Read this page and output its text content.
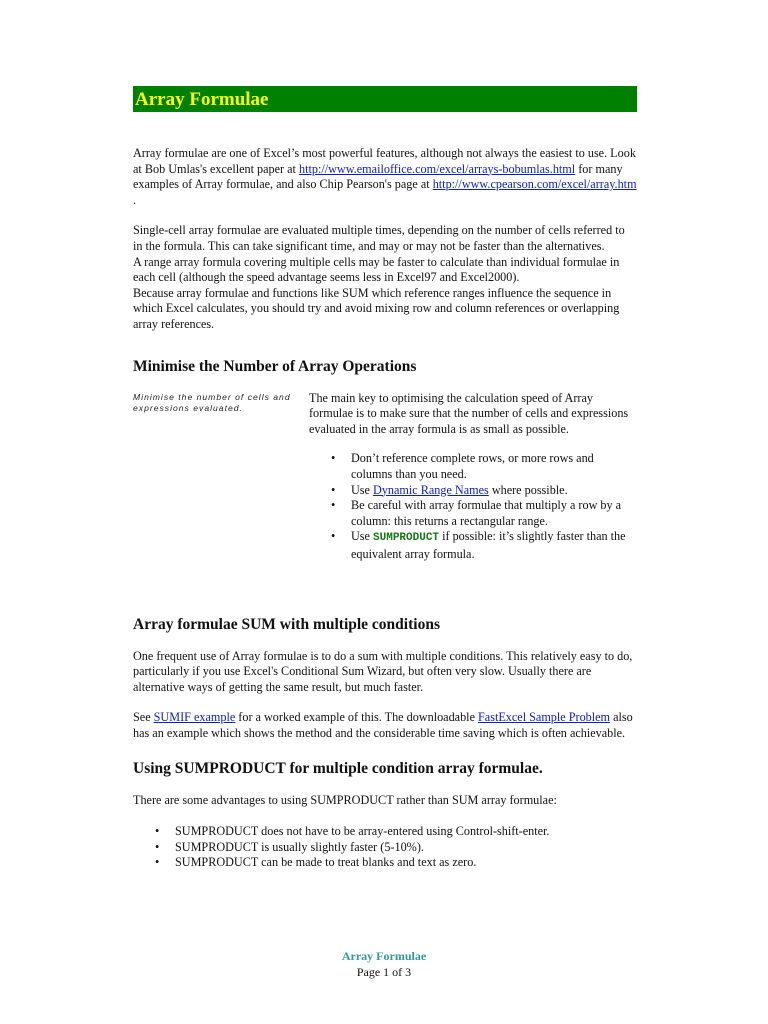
Array Formulae

Array formulae are one of Excel’s most powerful features, although not always the easiest to use. Look at Bob Umlas's excellent paper at http://www.emailoffice.com/excel/arrays-bobumlas.html for many examples of Array formulae, and also Chip Pearson's page at http://www.cpearson.com/excel/array.htm .

Single-cell array formulae are evaluated multiple times, depending on the number of cells referred to in the formula. This can take significant time, and may or may not be faster than the alternatives.

A range array formula covering multiple cells may be faster to calculate than individual formulae in each cell (although the speed advantage seems less in Excel97 and Excel2000).

Because array formulae and functions like SUM which reference ranges influence the sequence in which Excel calculates, you should try and avoid mixing row and column references or overlapping array references.

Minimise the Number of Array Operations
Minimise the number of cells and expressions evaluated.

The main key to optimising the calculation speed of Array formulae is to make sure that the number of cells and expressions evaluated in the array formula is as small as possible.

• Don’t reference complete rows, or more rows and columns than you need.
• Use Dynamic Range Names where possible.
• Be careful with array formulae that multiply a row by a column: this returns a rectangular range.
• Use SUMPRODUCT if possible: it’s slightly faster than the equivalent array formula.
Array formulae SUM with multiple conditions

One frequent use of Array formulae is to do a sum with multiple conditions. This relatively easy to do, particularly if you use Excel's Conditional Sum Wizard, but often very slow. Usually there are alternative ways of getting the same result, but much faster.

See SUMIF example for a worked example of this. The downloadable FastExcel Sample Problem also has an example which shows the method and the considerable time saving which is often achievable.

Using SUMPRODUCT for multiple condition array formulae.

There are some advantages to using SUMPRODUCT rather than SUM array formulae:

• SUMPRODUCT does not have to be array-entered using Control-shift-enter.
• SUMPRODUCT is usually slightly faster (5-10%).
• SUMPRODUCT can be made to treat blanks and text as zero.
Array Formulae
Page 1 of 3
